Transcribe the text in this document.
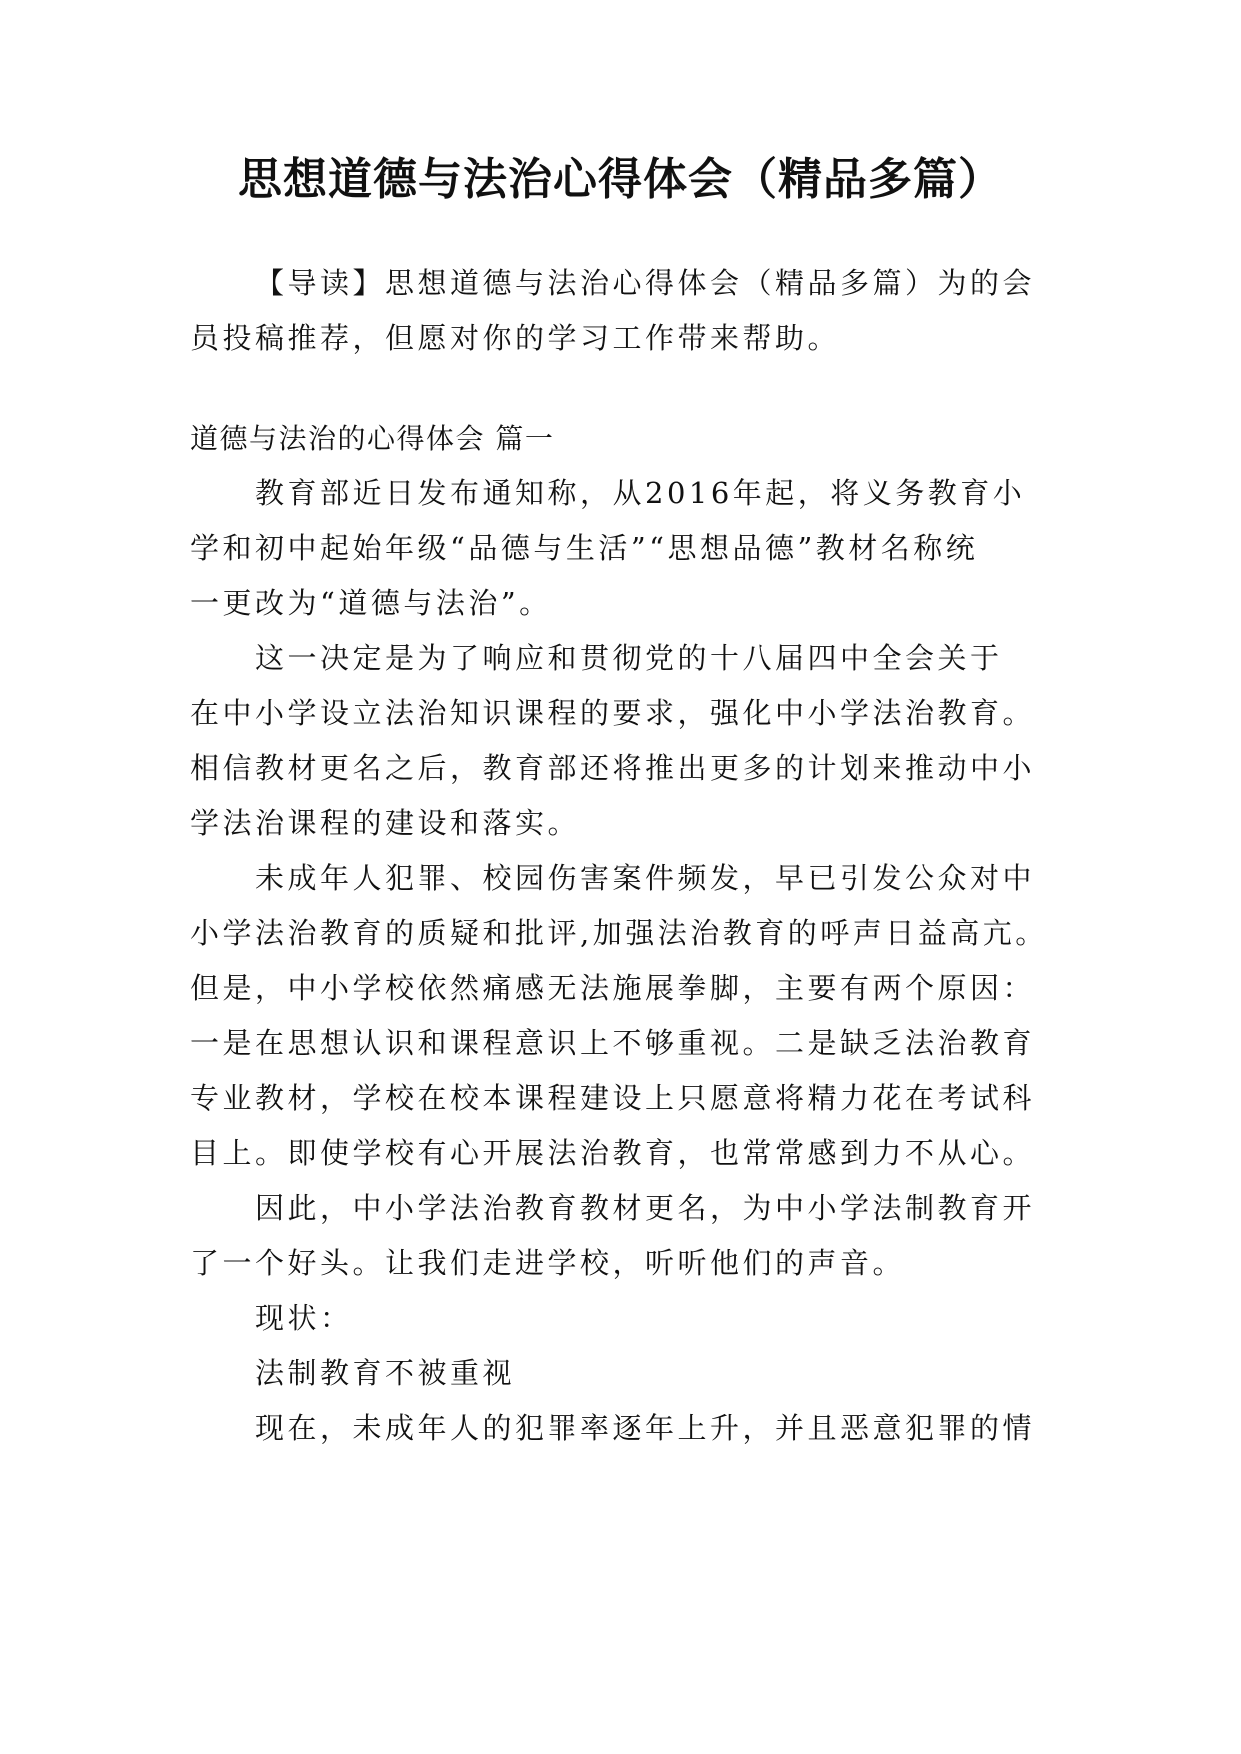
思想道德与法治心得体会（精品多篇）
【导读】思想道德与法治心得体会（精品多篇）为的会
员投稿推荐，但愿对你的学习工作带来帮助。
道德与法治的心得体会 篇一
教育部近日发布通知称，从2016年起，将义务教育小
学和初中起始年级“品德与生活”“思想品德”教材名称统
一更改为“道德与法治”。
这一决定是为了响应和贯彻党的十八届四中全会关于
在中小学设立法治知识课程的要求，强化中小学法治教育。
相信教材更名之后，教育部还将推出更多的计划来推动中小
学法治课程的建设和落实。
未成年人犯罪、校园伤害案件频发，早已引发公众对中
小学法治教育的质疑和批评,加强法治教育的呼声日益高亢。
但是，中小学校依然痛感无法施展拳脚，主要有两个原因：
一是在思想认识和课程意识上不够重视。二是缺乏法治教育
专业教材，学校在校本课程建设上只愿意将精力花在考试科
目上。即使学校有心开展法治教育，也常常感到力不从心。
因此，中小学法治教育教材更名，为中小学法制教育开
了一个好头。让我们走进学校，听听他们的声音。
现状：
法制教育不被重视
现在，未成年人的犯罪率逐年上升，并且恶意犯罪的情
